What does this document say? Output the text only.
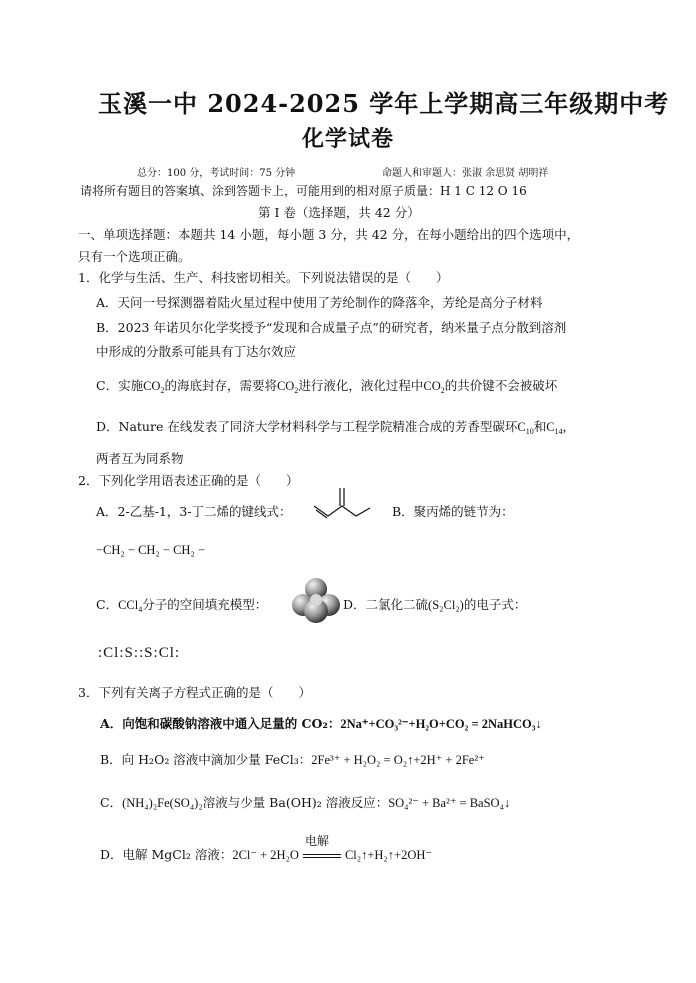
玉溪一中 2024-2025 学年上学期高三年级期中考
化学试卷
总分：100 分，考试时间：75 分钟	命题人和审题人：张淑 余思贤 胡明祥
请将所有题目的答案填、涂到答题卡上，可能用到的相对原子质量：H 1 C 12 O 16
第 I 卷（选择题，共 42 分）
一、单项选择题：本题共 14 小题，每小题 3 分，共 42 分，在每小题给出的四个选项中，
只有一个选项正确。
1．化学与生活、生产、科技密切相关。下列说法错误的是（　　）
A．天问一号探测器着陆火星过程中使用了芳纶制作的降落伞，芳纶是高分子材料
B．2023 年诺贝尔化学奖授予“发现和合成量子点”的研究者，纳米量子点分散到溶剂
中形成的分散系可能具有丁达尔效应
C．实施$CO_2$的海底封存，需要将$CO_2$进行液化，液化过程中$CO_2$的共价键不会被破坏
D．Nature 在线发表了同济大学材料科学与工程学院精准合成的芳香型碳环$C_{10}$和$C_{14}$，
两者互为同系物
2．下列化学用语表述正确的是（　　）
A．2-乙基-1，3-丁二烯的键线式：	B．聚丙烯的链节为：
−CH₂ − CH₂ − CH₂ −
C．CCl$_4$分子的空间填充模型：	D．二氯化二硫(S₂Cl₂)的电子式：
:Cl:S::S:Cl:
3．下列有关离子方程式正确的是（　　）
A．向饱和碳酸钠溶液中通入足量的 CO₂：2Na⁺+CO₃²⁻+H₂O+CO₂ = 2NaHCO₃↓
B．向 H₂O₂ 溶液中滴加少量 FeCl₃：2Fe³⁺ + H₂O₂ = O₂↑+2H⁺ + 2Fe²⁺
C．(NH₄)₂Fe(SO₄)₂溶液与少量 Ba(OH)₂ 溶液反应：SO₄²⁻ + Ba²⁺ = BaSO₄↓
D．电解 MgCl₂ 溶液：2Cl⁻ + 2H₂O
电解
Cl₂↑+H₂↑+2OH⁻
